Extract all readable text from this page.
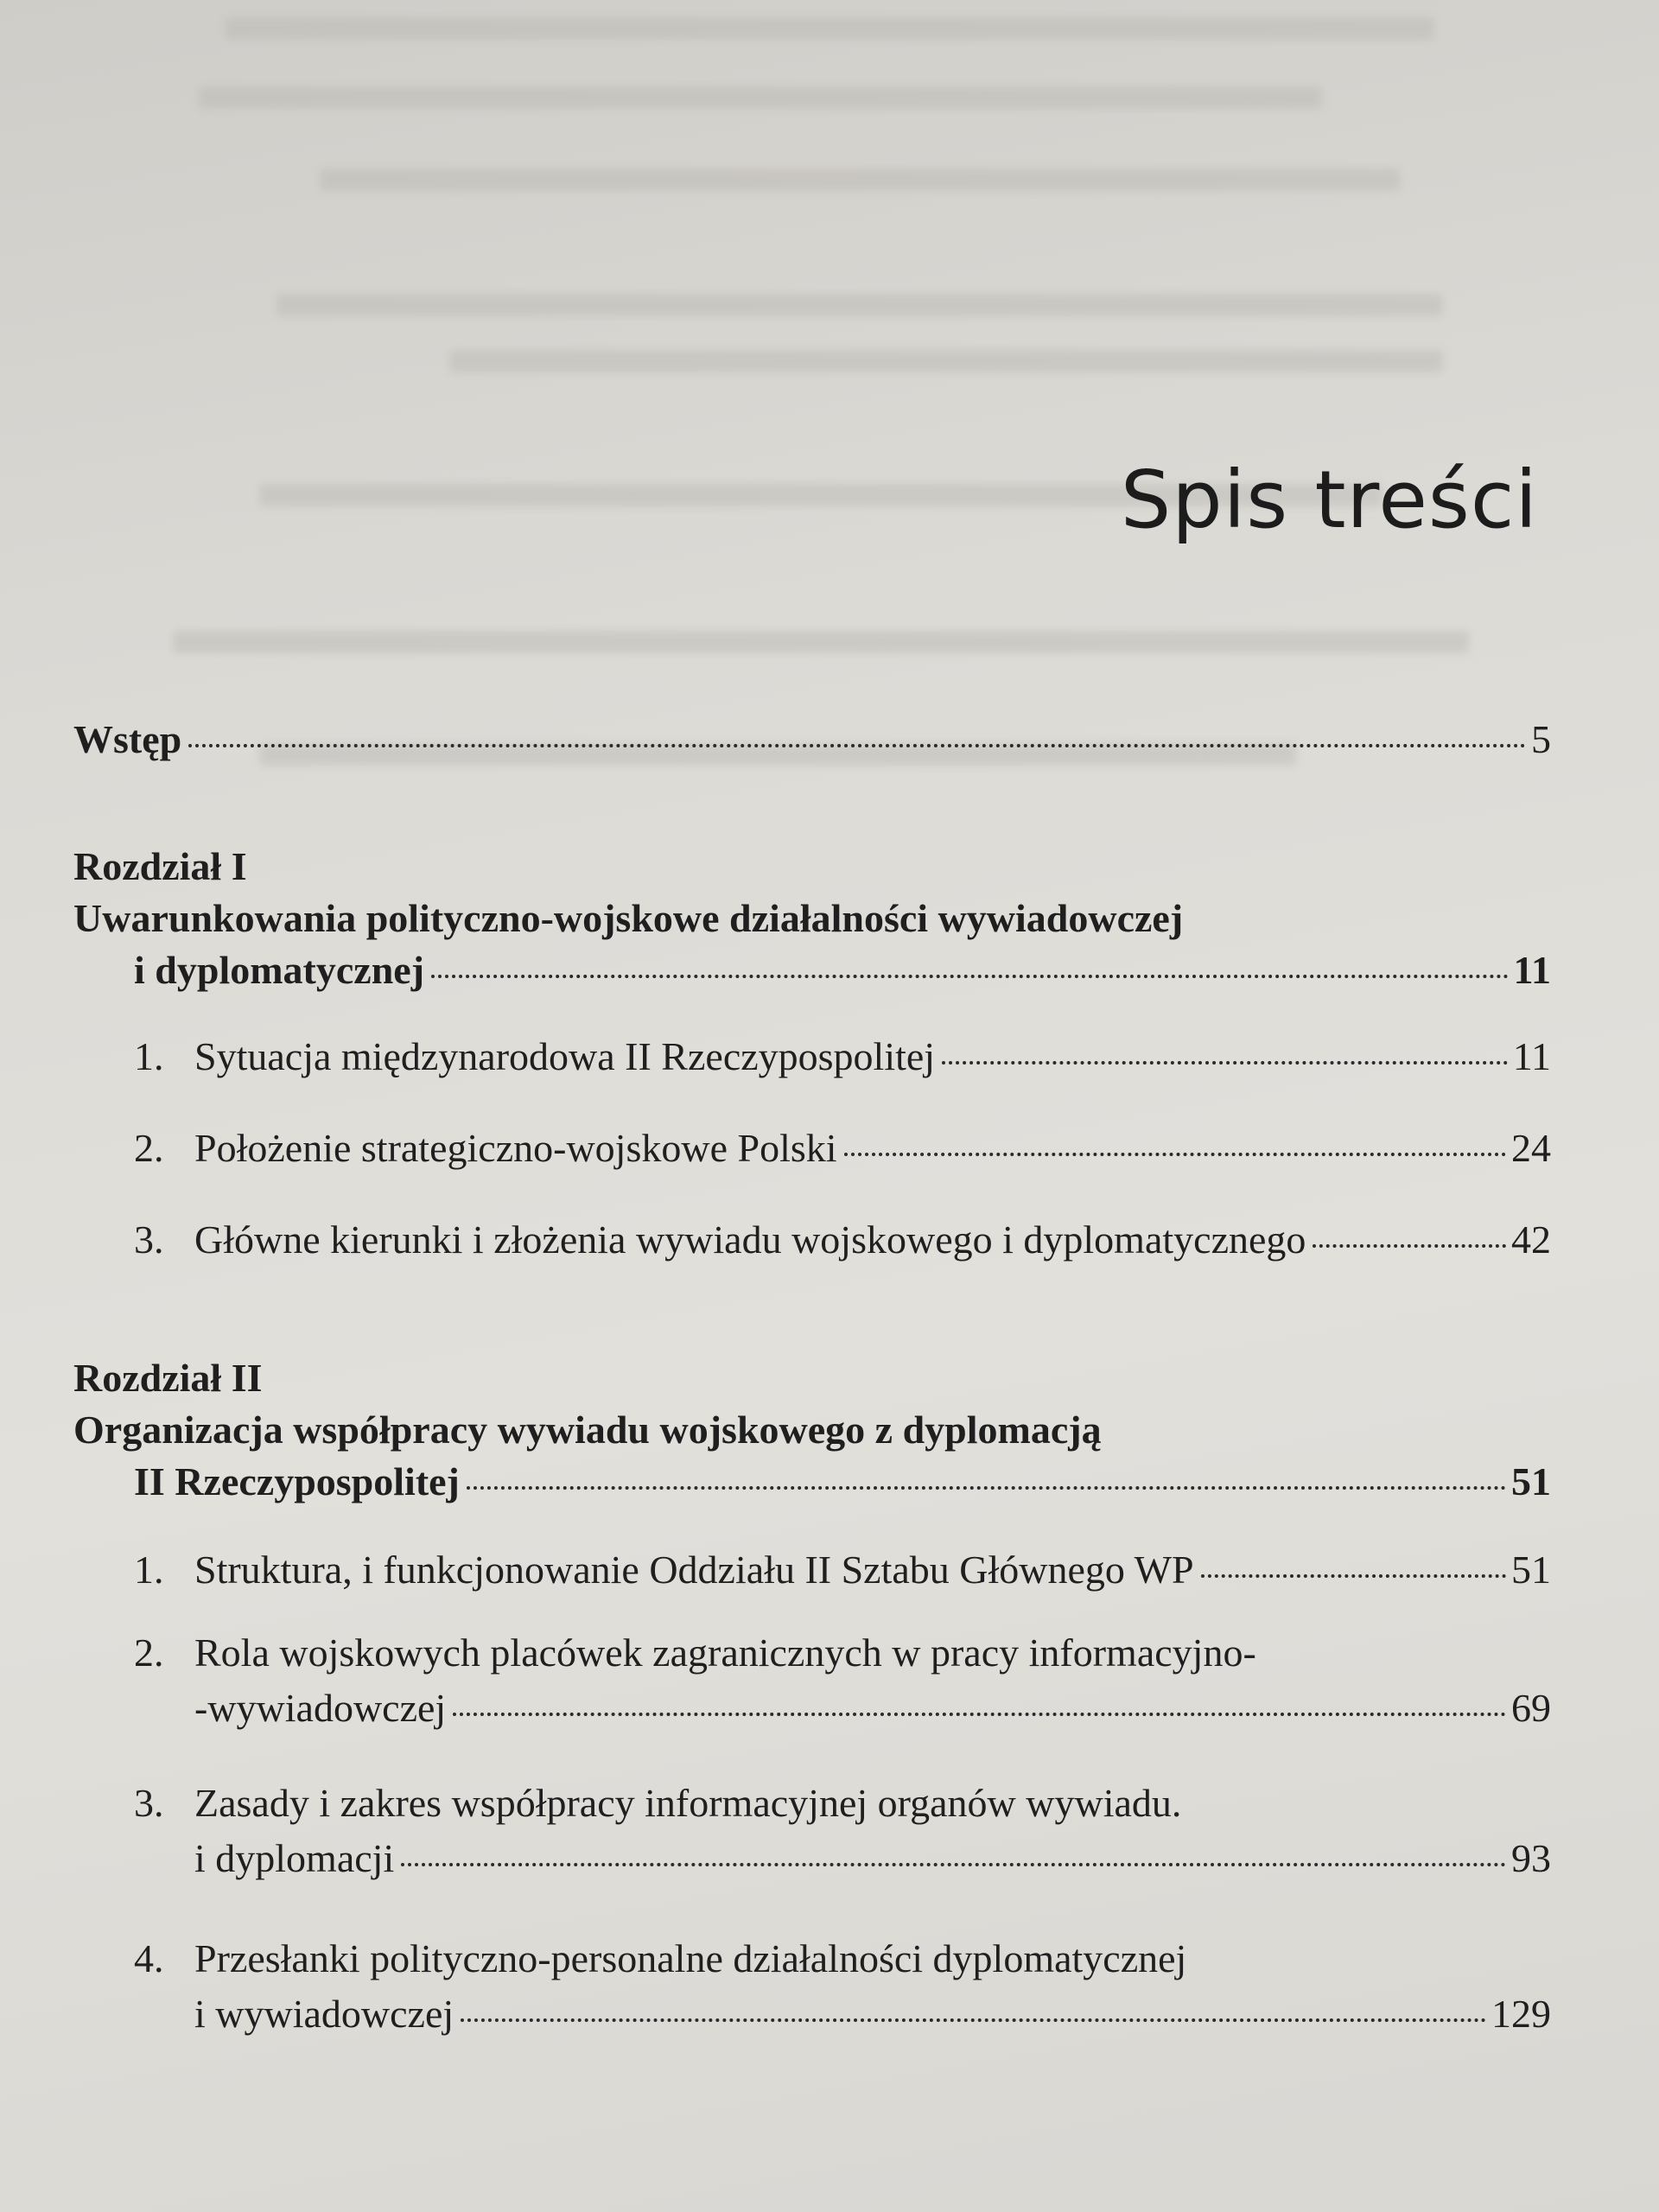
Spis treści
Wstęp	5
Rozdział I
Uwarunkowania polityczno-wojskowe działalności wywiadowczej
i dyplomatycznej	11
1. Sytuacja międzynarodowa II Rzeczypospolitej	11
2. Położenie strategiczno-wojskowe Polski	24
3. Główne kierunki i złożenia wywiadu wojskowego i dyplomatycznego	42
Rozdział II
Organizacja współpracy wywiadu wojskowego z dyplomacją
II Rzeczypospolitej	51
1. Struktura, i funkcjonowanie Oddziału II Sztabu Głównego WP	51
2. Rola wojskowych placówek zagranicznych w pracy informacyjno-
-wywiadowczej	69
3. Zasady i zakres współpracy informacyjnej organów wywiadu.
i dyplomacji	93
4. Przesłanki polityczno-personalne działalności dyplomatycznej
i wywiadowczej	129
